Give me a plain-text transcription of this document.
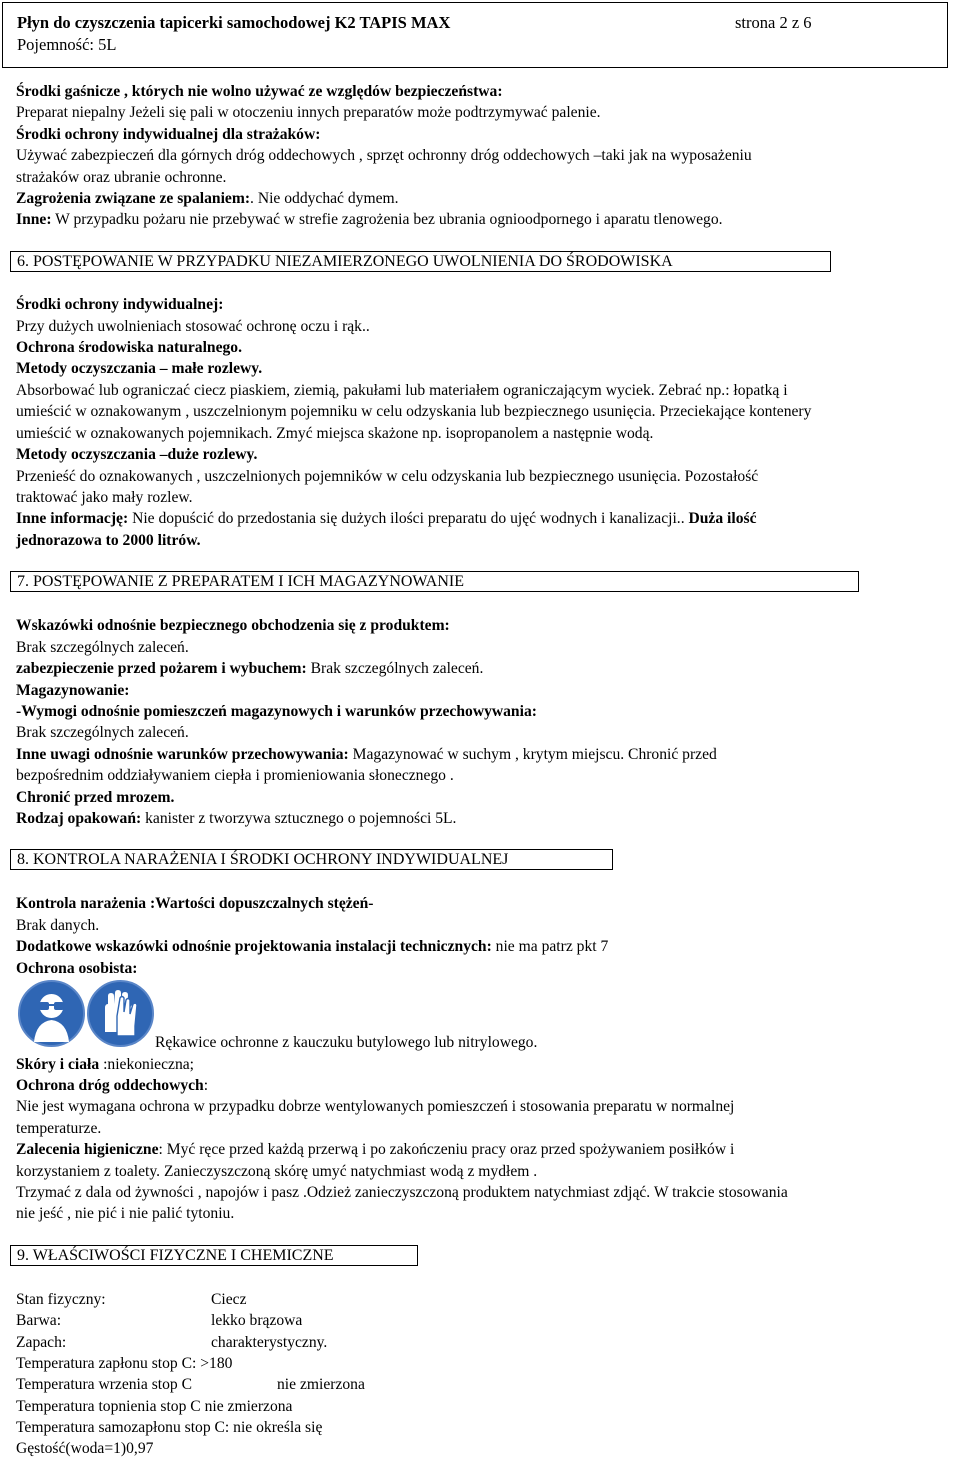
Płyn do czyszczenia tapicerki samochodowej K2 TAPIS MAX	strona 2 z 6
Pojemność: 5L
Środki gaśnicze , których nie wolno używać ze względów bezpieczeństwa:
Preparat niepalny Jeżeli się pali w otoczeniu innych preparatów może podtrzymywać palenie.
Środki ochrony indywidualnej dla strażaków:
Używać zabezpieczeń dla górnych dróg oddechowych , sprzęt ochronny dróg oddechowych –taki jak na wyposażeniu
strażaków oraz ubranie ochronne.
Zagrożenia związane ze spalaniem:. Nie oddychać dymem.
Inne: W przypadku pożaru nie przebywać w strefie zagrożenia bez ubrania ognioodpornego i aparatu tlenowego.
6. POSTĘPOWANIE W PRZYPADKU NIEZAMIERZONEGO UWOLNIENIA DO ŚRODOWISKA
Środki ochrony indywidualnej:
Przy dużych uwolnieniach stosować ochronę oczu i rąk..
Ochrona środowiska naturalnego.
Metody oczyszczania – małe rozlewy.
Absorbować lub ograniczać ciecz piaskiem, ziemią, pakułami lub materiałem ograniczającym wyciek. Zebrać np.: łopatką i
umieścić w oznakowanym , uszczelnionym pojemniku w celu odzyskania lub bezpiecznego usunięcia. Przeciekające kontenery
umieścić w oznakowanych pojemnikach. Zmyć miejsca skażone np. isopropanolem a następnie wodą.
Metody oczyszczania –duże rozlewy.
Przenieść do oznakowanych , uszczelnionych pojemników w celu odzyskania lub bezpiecznego usunięcia. Pozostałość
traktować jako mały rozlew.
Inne informację: Nie dopuścić do przedostania się dużych ilości preparatu do ujęć wodnych i kanalizacji.. Duża ilość
jednorazowa to 2000 litrów.
7. POSTĘPOWANIE Z PREPARATEM I ICH MAGAZYNOWANIE
Wskazówki odnośnie bezpiecznego obchodzenia się z produktem:
Brak szczególnych zaleceń.
zabezpieczenie przed pożarem i wybuchem: Brak szczególnych zaleceń.
Magazynowanie:
-Wymogi odnośnie pomieszczeń magazynowych i warunków przechowywania:
Brak szczególnych zaleceń.
Inne uwagi odnośnie warunków przechowywania: Magazynować w suchym , krytym miejscu. Chronić przed
bezpośrednim oddziaływaniem ciepła i promieniowania słonecznego .
Chronić przed mrozem.
Rodzaj opakowań: kanister z tworzywa sztucznego o pojemności 5L.
8. KONTROLA NARAŻENIA I ŚRODKI OCHRONY INDYWIDUALNEJ
Kontrola narażenia :Wartości dopuszczalnych stężeń-
Brak danych.
Dodatkowe wskazówki odnośnie projektowania instalacji technicznych: nie ma patrz pkt 7
Ochrona osobista:
Rękawice ochronne z kauczuku butylowego lub nitrylowego.
Skóry i ciała :niekonieczna;
Ochrona dróg oddechowych:
Nie jest wymagana ochrona w przypadku dobrze wentylowanych pomieszczeń i stosowania preparatu w normalnej
temperaturze.
Zalecenia higieniczne: Myć ręce przed każdą przerwą i po zakończeniu pracy oraz przed spożywaniem posiłków i
korzystaniem z toalety. Zanieczyszczoną skórę umyć natychmiast wodą z mydłem .
Trzymać z dala od żywności , napojów i pasz .Odzież zanieczyszczoną produktem natychmiast zdjąć. W trakcie stosowania
nie jeść , nie pić i nie palić tytoniu.
9. WŁAŚCIWOŚCI FIZYCZNE I CHEMICZNE
Stan fizyczny:	Ciecz
Barwa:	lekko brązowa
Zapach:	charakterystyczny.
Temperatura zapłonu stop C: >180
Temperatura wrzenia stop C	nie zmierzona
Temperatura topnienia stop C nie zmierzona
Temperatura samozapłonu stop C: nie określa się
Gęstość(woda=1)0,97
